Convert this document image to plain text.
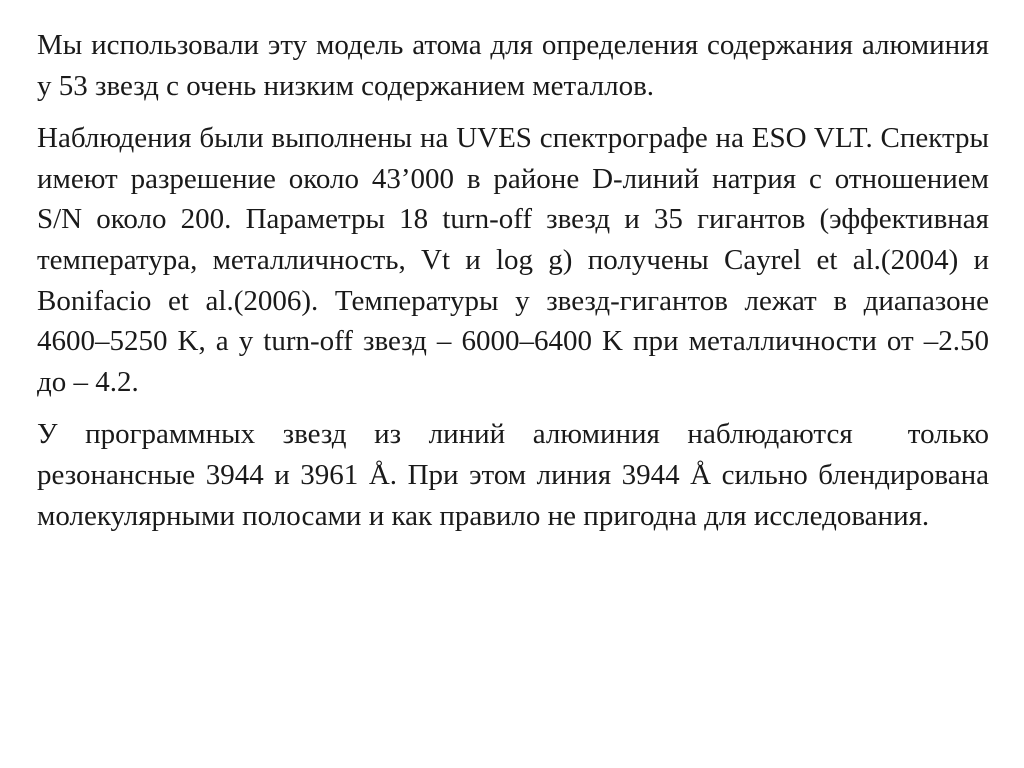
Мы использовали эту модель атома для определения содержания алюминия у 53 звезд с очень низким содержанием металлов.

Наблюдения были выполнены на UVES спектрографе на ESO VLT. Спектры имеют разрешение около 43’000 в районе D-линий натрия с отношением S/N около 200. Параметры 18 turn-off звезд и 35 гигантов (эффективная температура, металличность, Vt и log g) получены Cayrel et al.(2004) и Bonifacio et al.(2006). Температуры у звезд-гигантов лежат в диапазоне 4600–5250 K, а у turn-off звезд – 6000–6400 K при металличности от –2.50 до – 4.2.

У программных звезд из линий алюминия наблюдаются  только резонансные 3944 и 3961 Å. При этом линия 3944 Å сильно блендирована молекулярными полосами и как правило не пригодна для исследования.
